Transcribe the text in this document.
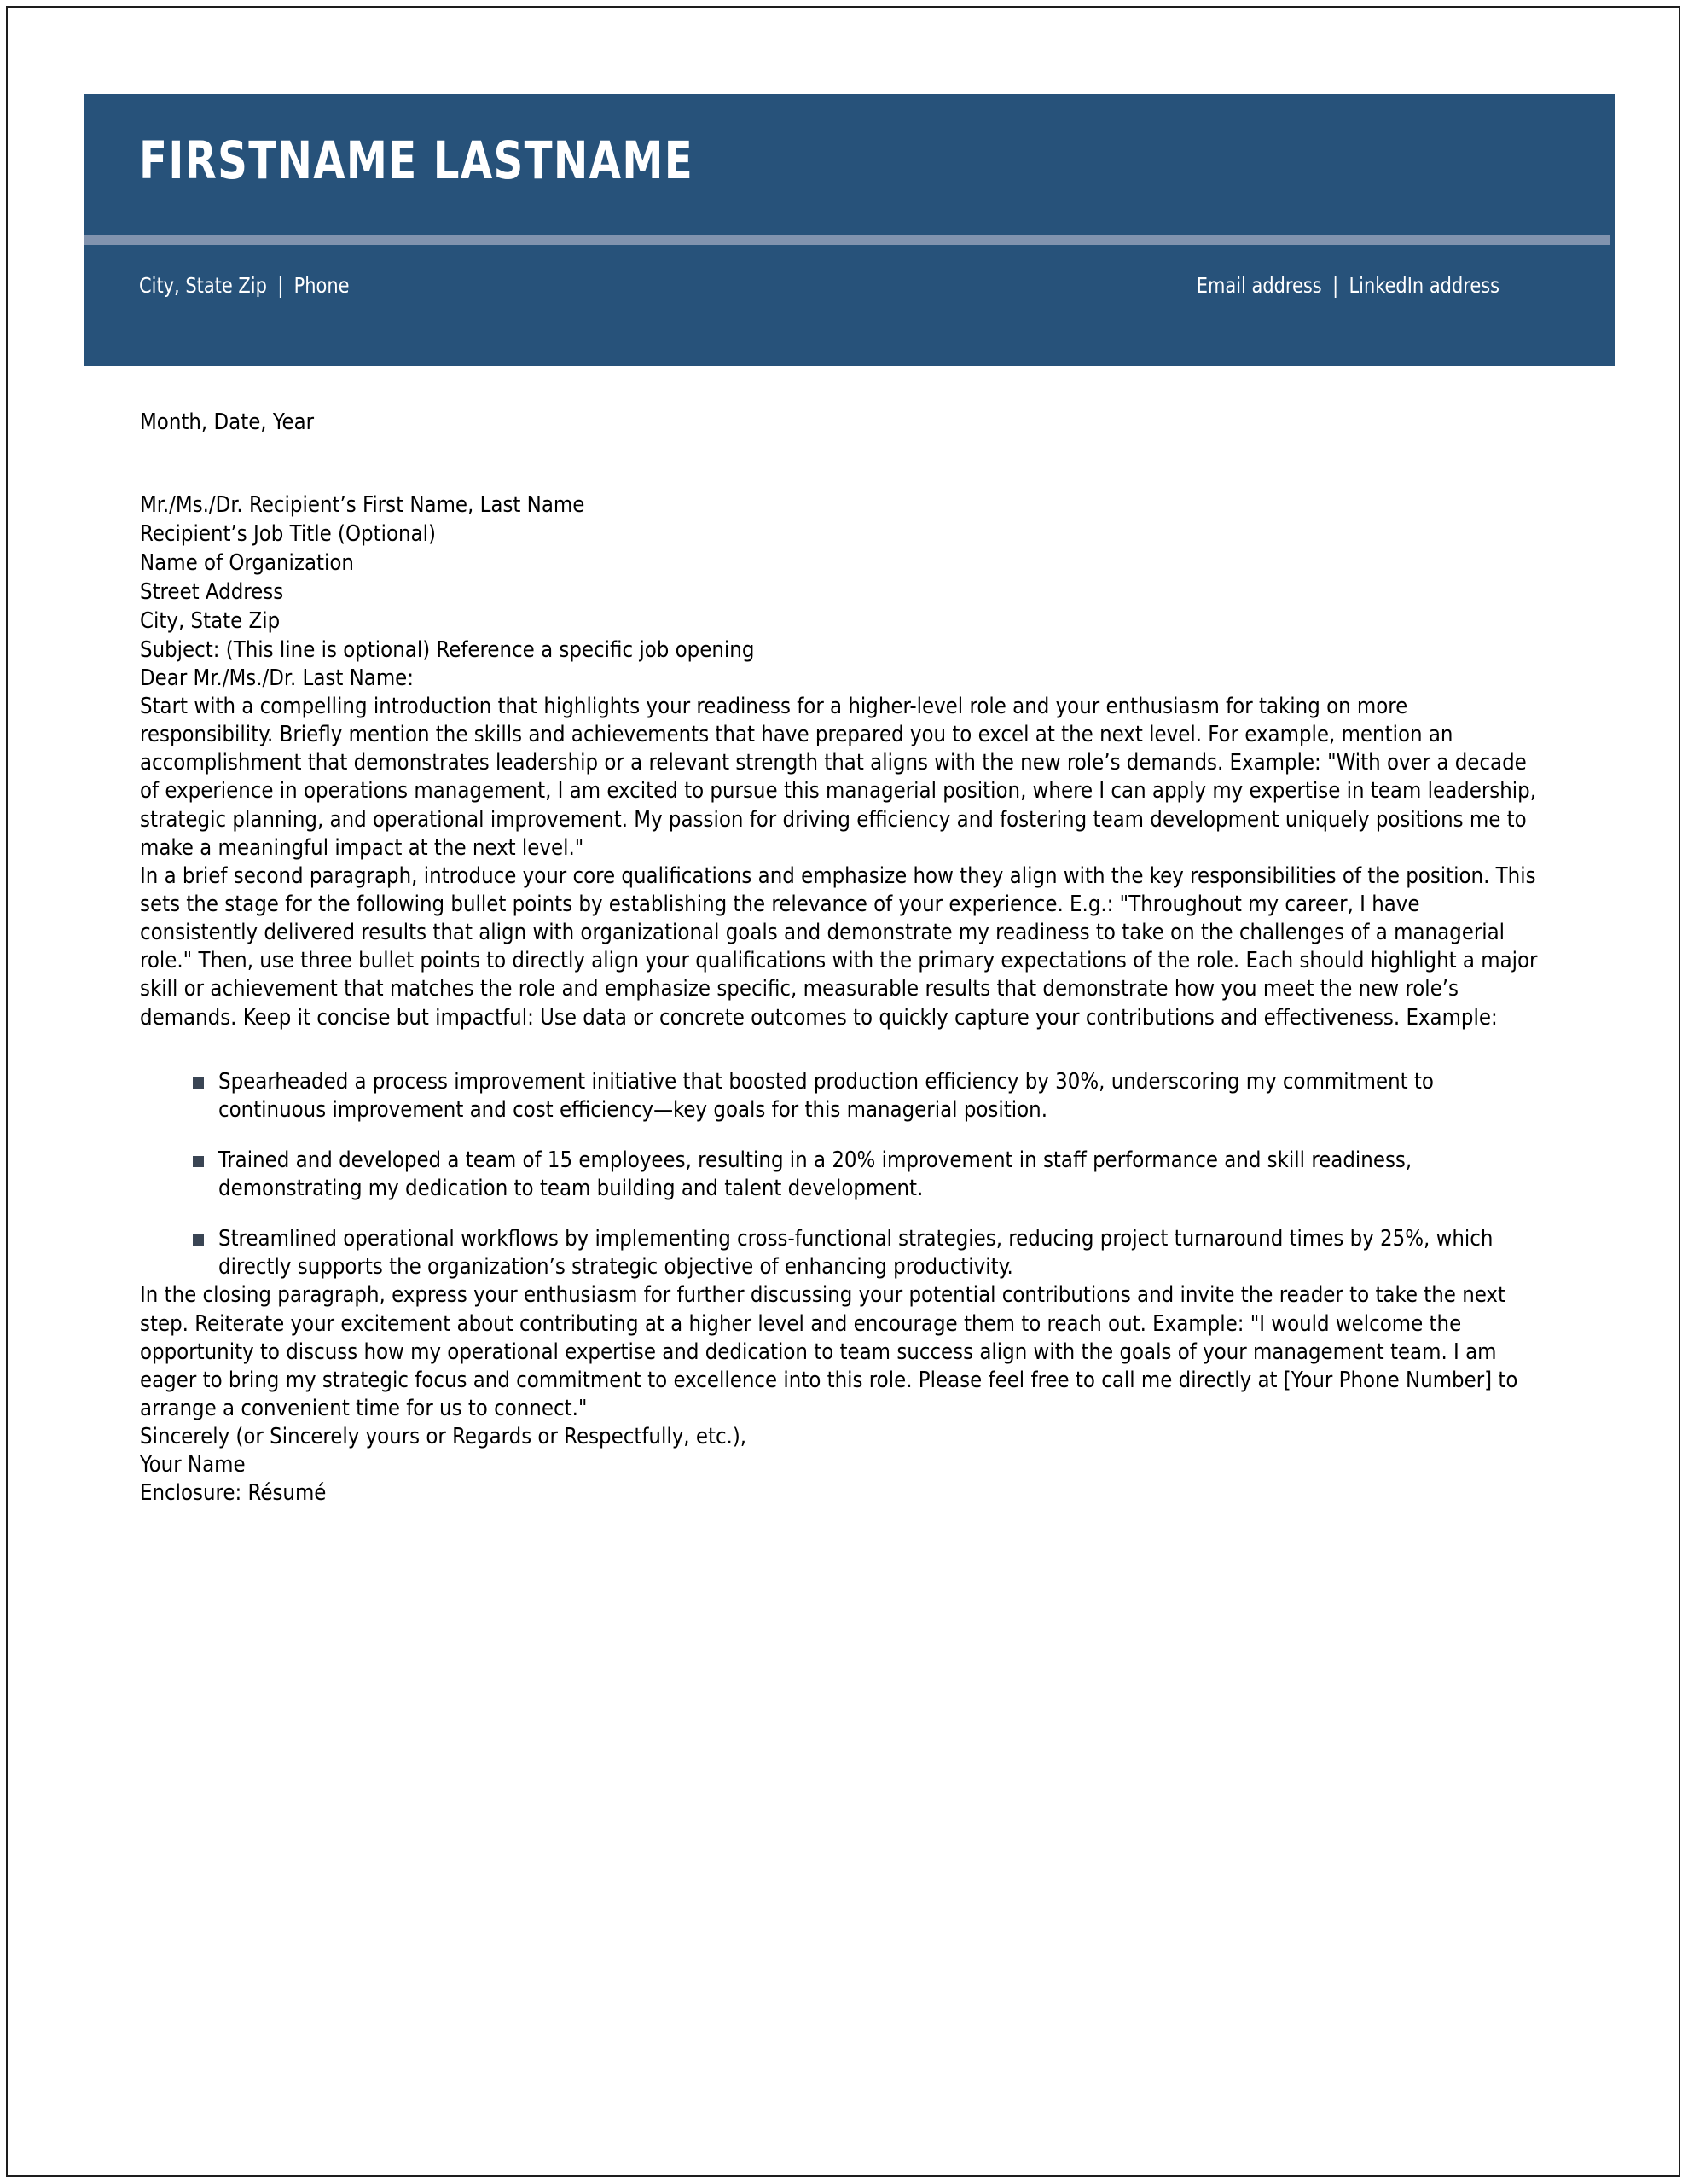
FIRSTNAME LASTNAME
City, State Zip | Phone	Email address | LinkedIn address

Month, Date, Year

Mr./Ms./Dr. Recipient’s First Name, Last Name
Recipient’s Job Title (Optional)
Name of Organization
Street Address
City, State Zip

Subject: (This line is optional) Reference a specific job opening

Dear Mr./Ms./Dr. Last Name:

Start with a compelling introduction that highlights your readiness for a higher-level role and your enthusiasm for taking on more responsibility. Briefly mention the skills and achievements that have prepared you to excel at the next level. For example, mention an accomplishment that demonstrates leadership or a relevant strength that aligns with the new role’s demands. Example: "With over a decade of experience in operations management, I am excited to pursue this managerial position, where I can apply my expertise in team leadership, strategic planning, and operational improvement. My passion for driving efficiency and fostering team development uniquely positions me to make a meaningful impact at the next level."

In a brief second paragraph, introduce your core qualifications and emphasize how they align with the key responsibilities of the position. This sets the stage for the following bullet points by establishing the relevance of your experience. E.g.: "Throughout my career, I have consistently delivered results that align with organizational goals and demonstrate my readiness to take on the challenges of a managerial role." Then, use three bullet points to directly align your qualifications with the primary expectations of the role. Each should highlight a major skill or achievement that matches the role and emphasize specific, measurable results that demonstrate how you meet the new role’s demands. Keep it concise but impactful: Use data or concrete outcomes to quickly capture your contributions and effectiveness. Example:

Spearheaded a process improvement initiative that boosted production efficiency by 30%, underscoring my commitment to continuous improvement and cost efficiency—key goals for this managerial position.
Trained and developed a team of 15 employees, resulting in a 20% improvement in staff performance and skill readiness, demonstrating my dedication to team building and talent development.
Streamlined operational workflows by implementing cross-functional strategies, reducing project turnaround times by 25%, which directly supports the organization’s strategic objective of enhancing productivity.

In the closing paragraph, express your enthusiasm for further discussing your potential contributions and invite the reader to take the next step. Reiterate your excitement about contributing at a higher level and encourage them to reach out. Example: "I would welcome the opportunity to discuss how my operational expertise and dedication to team success align with the goals of your management team. I am eager to bring my strategic focus and commitment to excellence into this role. Please feel free to call me directly at [Your Phone Number] to arrange a convenient time for us to connect."

Sincerely (or Sincerely yours or Regards or Respectfully, etc.),

Your Name

Enclosure: Résumé
